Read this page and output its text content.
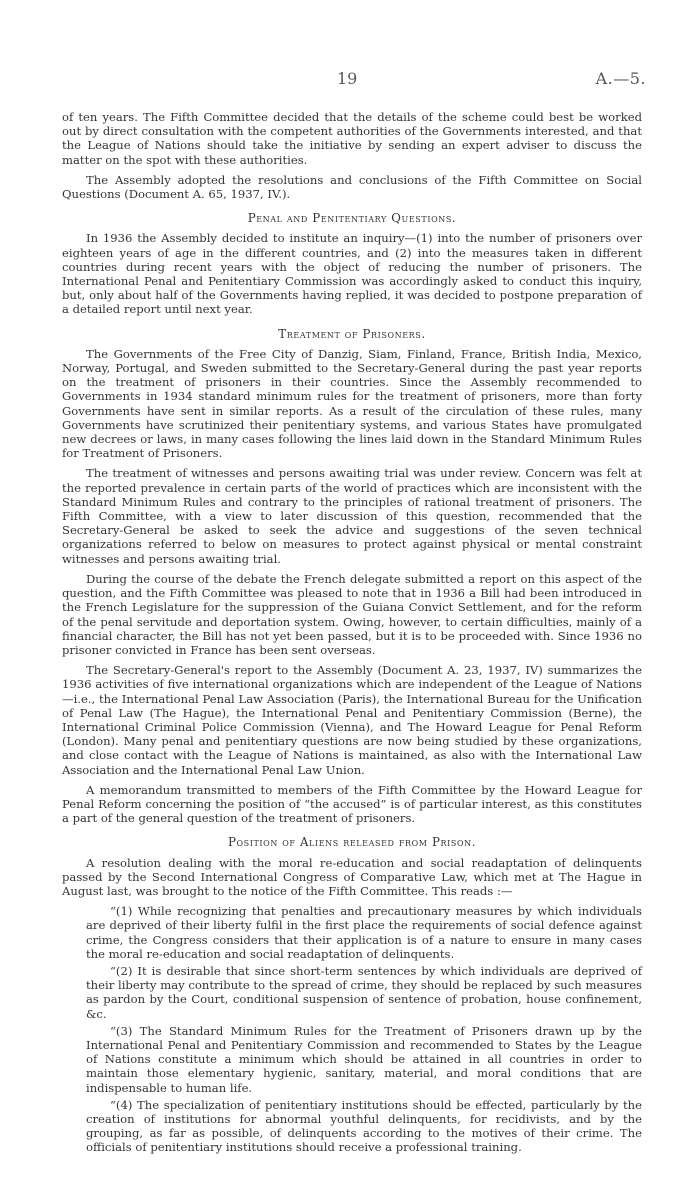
19	A.—5.

of ten years. The Fifth Committee decided that the details of the scheme could best be worked out by direct consultation with the competent authorities of the Governments interested, and that the League of Nations should take the initiative by sending an expert adviser to discuss the matter on the spot with these authorities.

The Assembly adopted the resolutions and conclusions of the Fifth Committee on Social Questions (Document A. 65, 1937, IV.).

Penal and Penitentiary Questions.

In 1936 the Assembly decided to institute an inquiry—(1) into the number of prisoners over eighteen years of age in the different countries, and (2) into the measures taken in different countries during recent years with the object of reducing the number of prisoners. The International Penal and Penitentiary Commission was accordingly asked to conduct this inquiry, but, only about half of the Governments having replied, it was decided to postpone preparation of a detailed report until next year.

Treatment of Prisoners.

The Governments of the Free City of Danzig, Siam, Finland, France, British India, Mexico, Norway, Portugal, and Sweden submitted to the Secretary-General during the past year reports on the treatment of prisoners in their countries. Since the Assembly recommended to Governments in 1934 standard minimum rules for the treatment of prisoners, more than forty Governments have sent in similar reports. As a result of the circulation of these rules, many Governments have scrutinized their penitentiary systems, and various States have promulgated new decrees or laws, in many cases following the lines laid down in the Standard Minimum Rules for Treatment of Prisoners.

The treatment of witnesses and persons awaiting trial was under review. Concern was felt at the reported prevalence in certain parts of the world of practices which are inconsistent with the Standard Minimum Rules and contrary to the principles of rational treatment of prisoners. The Fifth Committee, with a view to later discussion of this question, recommended that the Secretary-General be asked to seek the advice and suggestions of the seven technical organizations referred to below on measures to protect against physical or mental constraint witnesses and persons awaiting trial.

During the course of the debate the French delegate submitted a report on this aspect of the question, and the Fifth Committee was pleased to note that in 1936 a Bill had been introduced in the French Legislature for the suppression of the Guiana Convict Settlement, and for the reform of the penal servitude and deportation system. Owing, however, to certain difficulties, mainly of a financial character, the Bill has not yet been passed, but it is to be proceeded with. Since 1936 no prisoner convicted in France has been sent overseas.

The Secretary-General's report to the Assembly (Document A. 23, 1937, IV) summarizes the 1936 activities of five international organizations which are independent of the League of Nations—i.e., the International Penal Law Association (Paris), the International Bureau for the Unification of Penal Law (The Hague), the International Penal and Penitentiary Commission (Berne), the International Criminal Police Commission (Vienna), and The Howard League for Penal Reform (London). Many penal and penitentiary questions are now being studied by these organizations, and close contact with the League of Nations is maintained, as also with the International Law Association and the International Penal Law Union.

A memorandum transmitted to members of the Fifth Committee by the Howard League for Penal Reform concerning the position of “the accused” is of particular interest, as this constitutes a part of the general question of the treatment of prisoners.

Position of Aliens released from Prison.

A resolution dealing with the moral re-education and social readaptation of delinquents passed by the Second International Congress of Comparative Law, which met at The Hague in August last, was brought to the notice of the Fifth Committee. This reads :—

“(1) While recognizing that penalties and precautionary measures by which individuals are deprived of their liberty fulfil in the first place the requirements of social defence against crime, the Congress considers that their application is of a nature to ensure in many cases the moral re-education and social readaptation of delinquents.

“(2) It is desirable that since short-term sentences by which individuals are deprived of their liberty may contribute to the spread of crime, they should be replaced by such measures as pardon by the Court, conditional suspension of sentence of probation, house confinement, &c.

“(3) The Standard Minimum Rules for the Treatment of Prisoners drawn up by the International Penal and Penitentiary Commission and recommended to States by the League of Nations constitute a minimum which should be attained in all countries in order to maintain those elementary hygienic, sanitary, material, and moral conditions that are indispensable to human life.

“(4) The specialization of penitentiary institutions should be effected, particularly by the creation of institutions for abnormal youthful delinquents, for recidivists, and by the grouping, as far as possible, of delinquents according to the motives of their crime. The officials of penitentiary institutions should receive a professional training.
